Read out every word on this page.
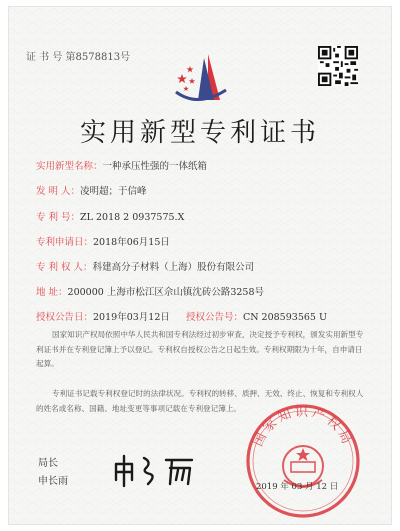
证 书 号 第8578813号
实用新型专利证书
实用新型名称：一种承压性强的一体纸箱
发 明 人：凌明超；于信峰
专 利 号：ZL 2018 2 0937575.X
专利申请日：2018年06月15日
专 利 权 人：科建高分子材料（上海）股份有限公司
地 址：200000 上海市松江区佘山镇沈砖公路3258号
授权公告日：2019年03月12日 授权公告号：CN 208593565 U
国家知识产权局依照中华人民共和国专利法经过初步审查，决定授予专利权，颁发实用新型专利证书并在专利登记簿上予以登记。专利权自授权公告之日起生效。专利权期限为十年，自申请日起算。
专利证书记载专利权登记时的法律状况。专利权的转移、质押、无效、终止、恢复和专利权人的姓名或名称、国籍、地址变更等事项记载在专利登记簿上。
国家知识产权局
局长
申长雨	2019 年 03 月 12 日
